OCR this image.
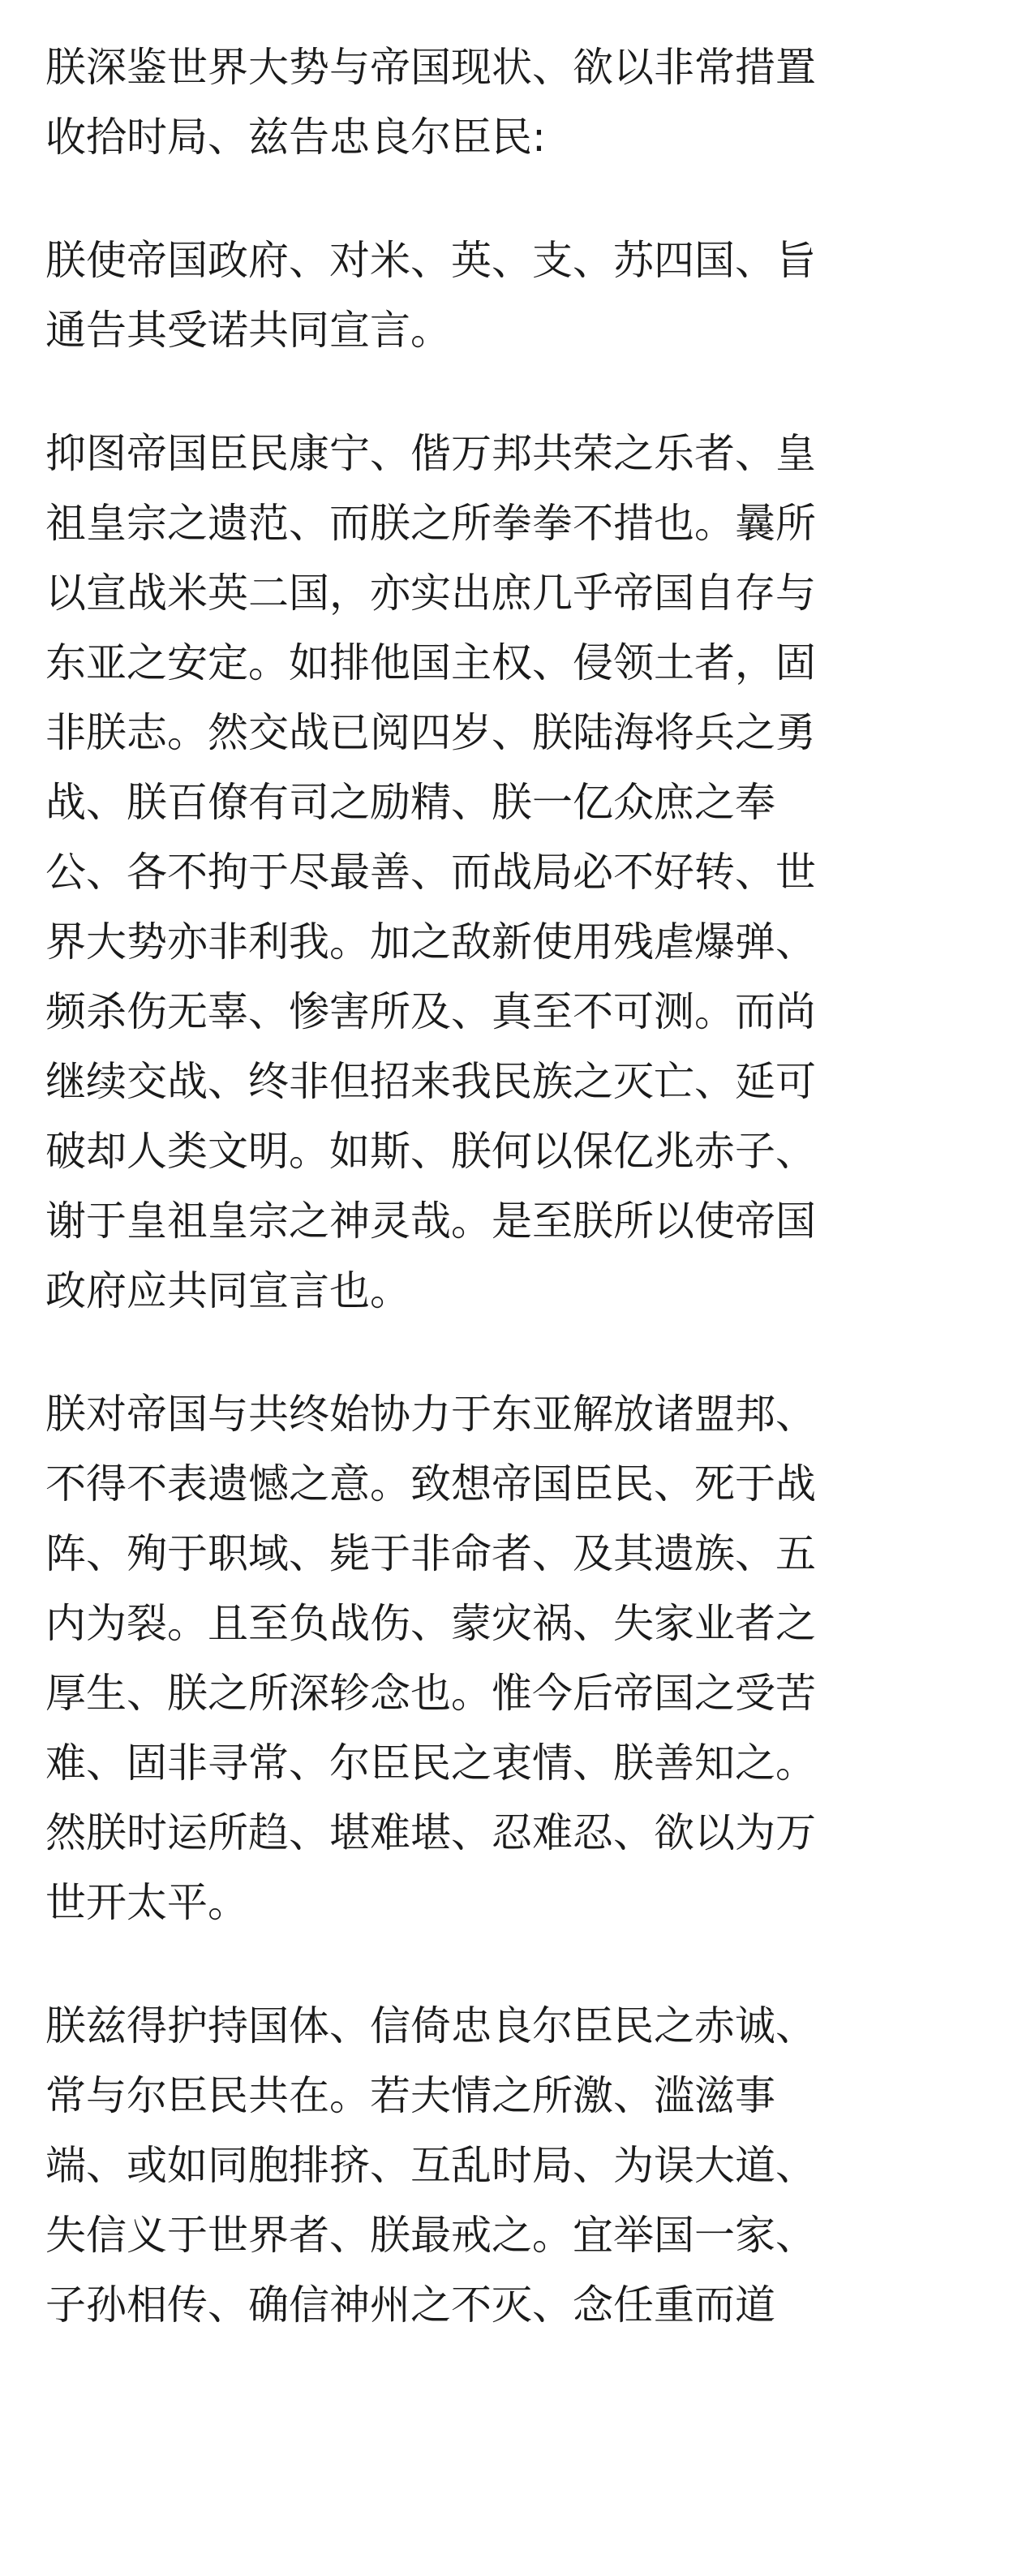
朕深鉴世界大势与帝国现状、欲以非常措置
收拾时局、兹告忠良尔臣民:

朕使帝国政府、对米、英、支、苏四国、旨
通告其受诺共同宣言。

抑图帝国臣民康宁、偕万邦共荣之乐者、皇
祖皇宗之遗范、而朕之所拳拳不措也。曩所
以宣战米英二国，亦实出庶几乎帝国自存与
东亚之安定。如排他国主权、侵领土者，固
非朕志。然交战已阅四岁、朕陆海将兵之勇
战、朕百僚有司之励精、朕一亿众庶之奉
公、各不拘于尽最善、而战局必不好转、世
界大势亦非利我。加之敌新使用残虐爆弹、
频杀伤无辜、惨害所及、真至不可测。而尚
继续交战、终非但招来我民族之灭亡、延可
破却人类文明。如斯、朕何以保亿兆赤子、
谢于皇祖皇宗之神灵哉。是至朕所以使帝国
政府应共同宣言也。

朕对帝国与共终始协力于东亚解放诸盟邦、
不得不表遗憾之意。致想帝国臣民、死于战
阵、殉于职域、毙于非命者、及其遗族、五
内为裂。且至负战伤、蒙灾祸、失家业者之
厚生、朕之所深轸念也。惟今后帝国之受苦
难、固非寻常、尔臣民之衷情、朕善知之。
然朕时运所趋、堪难堪、忍难忍、欲以为万
世开太平。

朕兹得护持国体、信倚忠良尔臣民之赤诚、
常与尔臣民共在。若夫情之所激、滥滋事
端、或如同胞排挤、互乱时局、为误大道、
失信义于世界者、朕最戒之。宜举国一家、
子孙相传、确信神州之不灭、念任重而道
